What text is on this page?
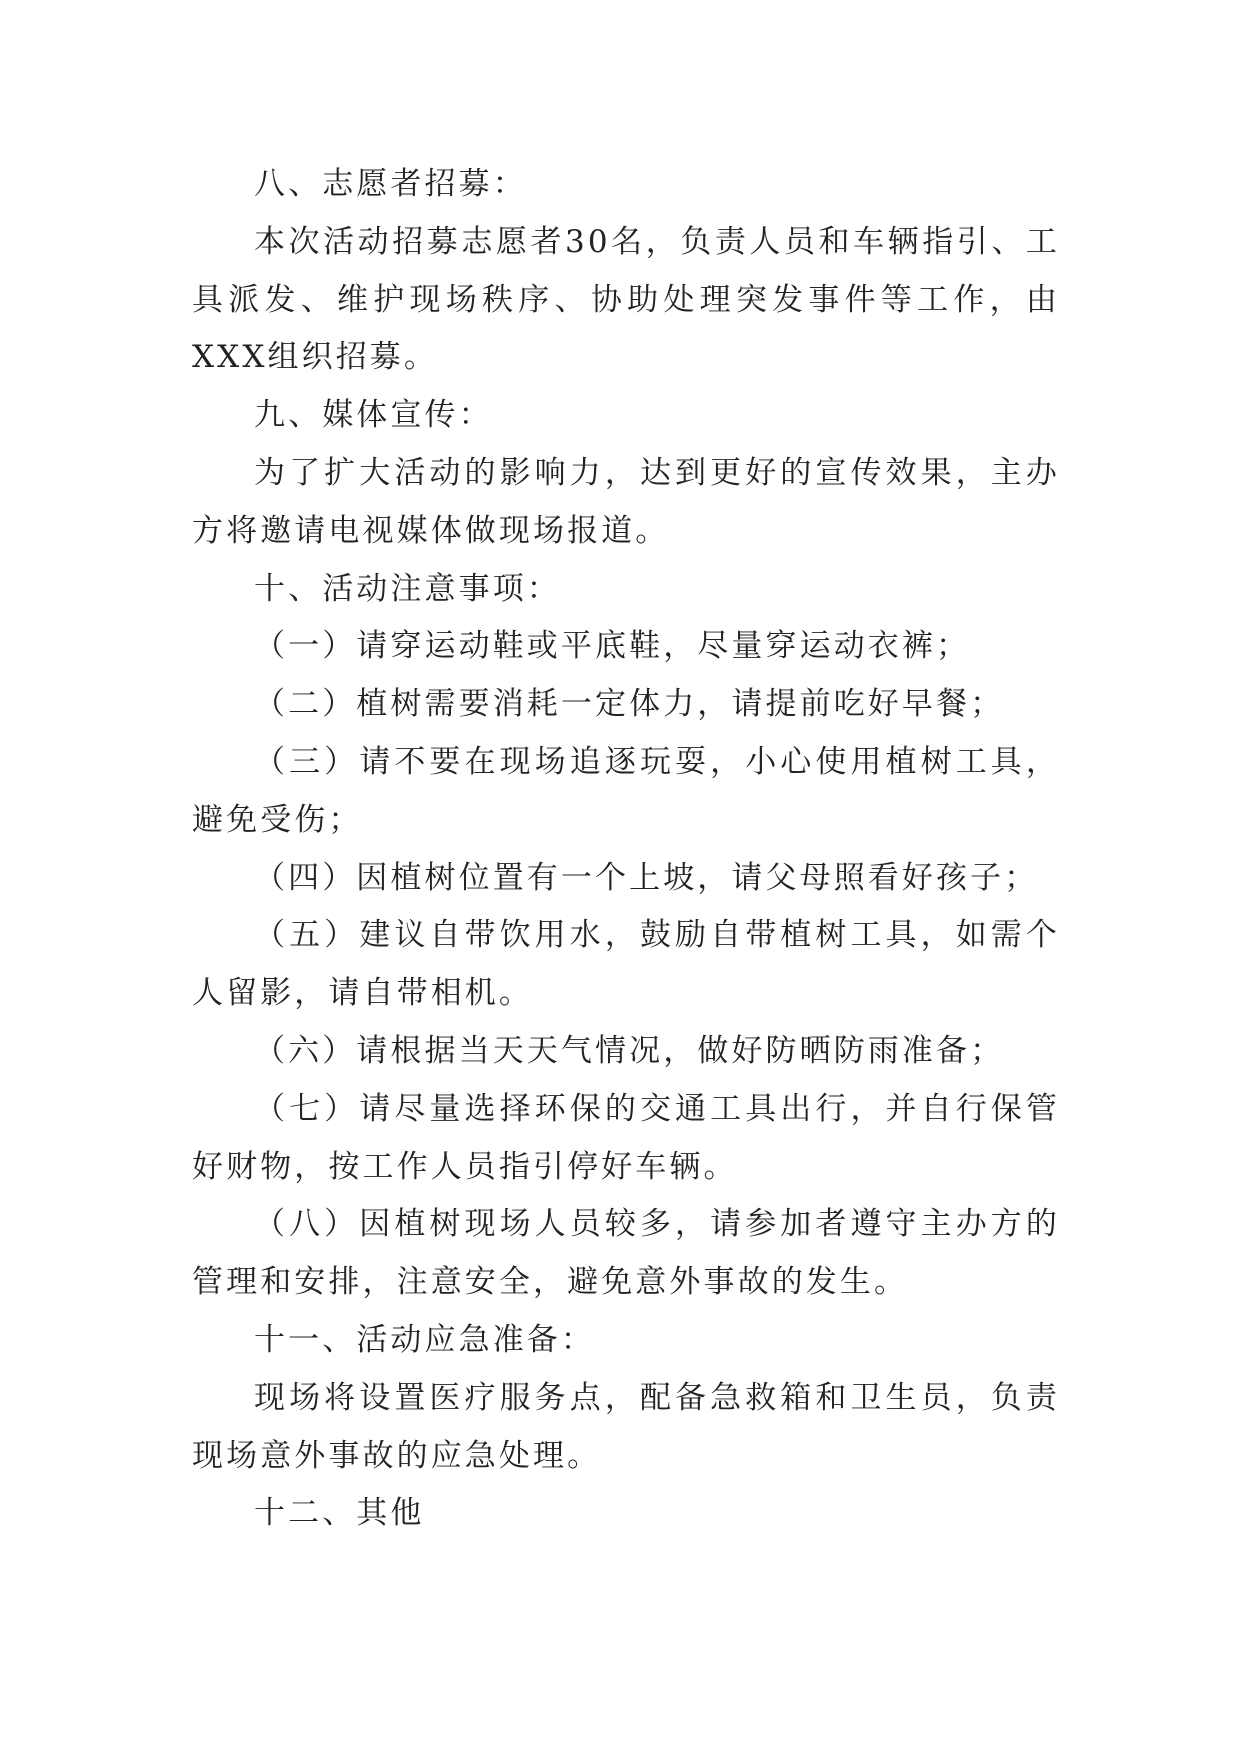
八、志愿者招募：

本次活动招募志愿者30名，负责人员和车辆指引、工具派发、维护现场秩序、协助处理突发事件等工作，由XXX组织招募。

九、媒体宣传：

为了扩大活动的影响力，达到更好的宣传效果，主办方将邀请电视媒体做现场报道。

十、活动注意事项：

（一）请穿运动鞋或平底鞋，尽量穿运动衣裤；

（二）植树需要消耗一定体力，请提前吃好早餐；

（三）请不要在现场追逐玩耍，小心使用植树工具，避免受伤；

（四）因植树位置有一个上坡，请父母照看好孩子；

（五）建议自带饮用水，鼓励自带植树工具，如需个人留影，请自带相机。

（六）请根据当天天气情况，做好防晒防雨准备；

（七）请尽量选择环保的交通工具出行，并自行保管好财物，按工作人员指引停好车辆。

（八）因植树现场人员较多，请参加者遵守主办方的管理和安排，注意安全，避免意外事故的发生。

十一、活动应急准备：

现场将设置医疗服务点，配备急救箱和卫生员，负责现场意外事故的应急处理。

十二、其他
